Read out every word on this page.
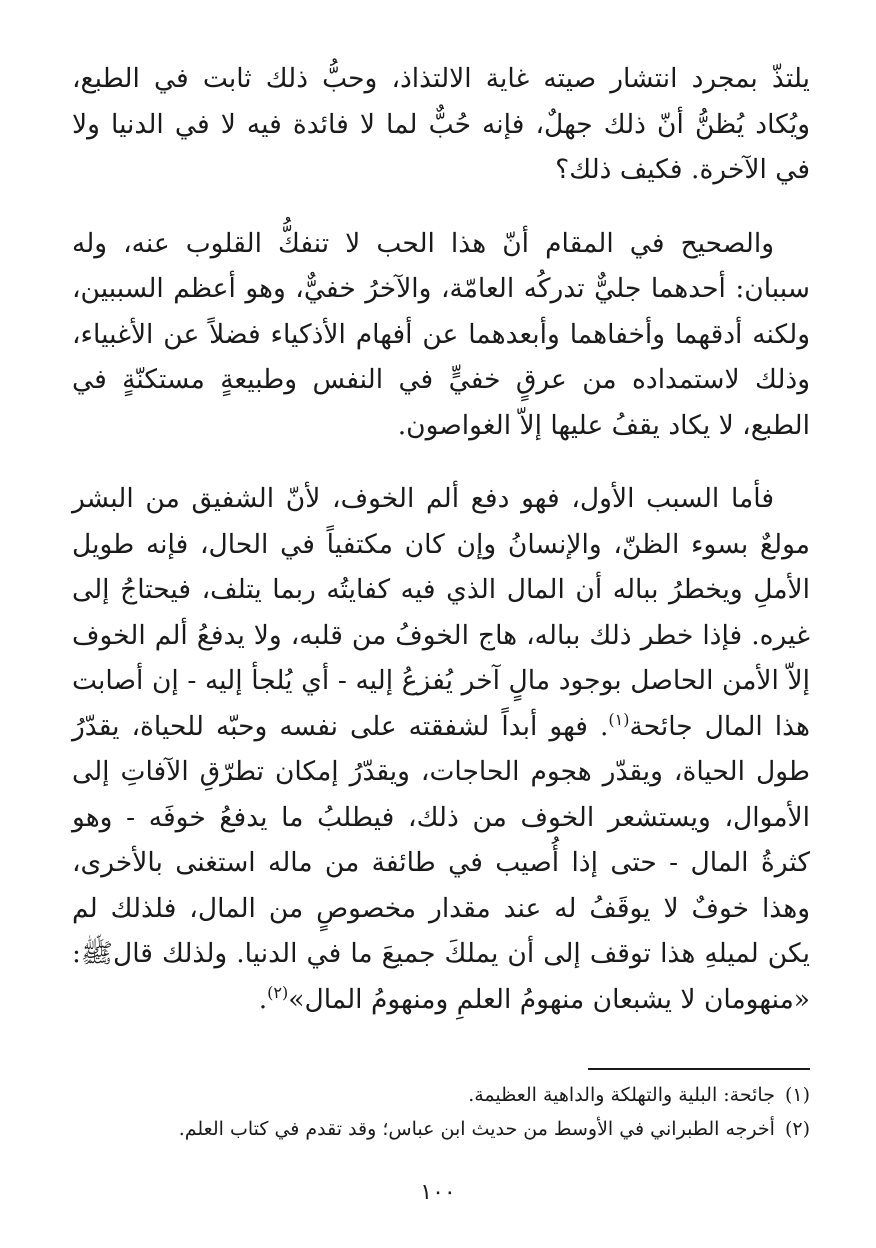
يلتذّ بمجرد انتشار صيته غاية الالتذاذ، وحبُّ ذلك ثابت في الطبع، ويُكاد يُظنُّ أنّ ذلك جهلٌ، فإنه حُبٌّ لما لا فائدة فيه لا في الدنيا ولا في الآخرة. فكيف ذلك؟

والصحيح في المقام أنّ هذا الحب لا تنفكُّ القلوب عنه، وله سببان: أحدهما جليٌّ تدركُه العامّة، والآخرُ خفيٌّ، وهو أعظم السببين، ولكنه أدقهما وأخفاهما وأبعدهما عن أفهام الأذكياء فضلاً عن الأغبياء، وذلك لاستمداده من عرقٍ خفيٍّ في النفس وطبيعةٍ مستكنّةٍ في الطبع، لا يكاد يقفُ عليها إلاّ الغواصون.

فأما السبب الأول، فهو دفع ألم الخوف، لأنّ الشفيق من البشر مولعٌ بسوء الظنّ، والإنسانُ وإن كان مكتفياً في الحال، فإنه طويل الأملِ ويخطرُ بباله أن المال الذي فيه كفايتُه ربما يتلف، فيحتاجُ إلى غيره. فإذا خطر ذلك بباله، هاج الخوفُ من قلبه، ولا يدفعُ ألم الخوف إلاّ الأمن الحاصل بوجود مالٍ آخر يُفزعُ إليه - أي يُلجأ إليه - إن أصابت هذا المال جائحة$^{(١)}$. فهو أبداً لشفقته على نفسه وحبّه للحياة، يقدّرُ طول الحياة، ويقدّر هجوم الحاجات، ويقدّرُ إمكان تطرّقِ الآفاتِ إلى الأموال، ويستشعر الخوف من ذلك، فيطلبُ ما يدفعُ خوفَه - وهو كثرةُ المال - حتى إذا أُصيب في طائفة من ماله استغنى بالأخرى، وهذا خوفٌ لا يوقَفُ له عند مقدار مخصوصٍ من المال، فلذلك لم يكن لميلهِ هذا توقف إلى أن يملكَ جميعَ ما في الدنيا. ولذلك قالﷺ: «منهومان لا يشبعان منهومُ العلمِ ومنهومُ المال»$^{(٢)}$.

(١)جائحة: البلية والتهلكة والداهية العظيمة.

(٢)أخرجه الطبراني في الأوسط من حديث ابن عباس؛ وقد تقدم في كتاب العلم.

١٠٠
